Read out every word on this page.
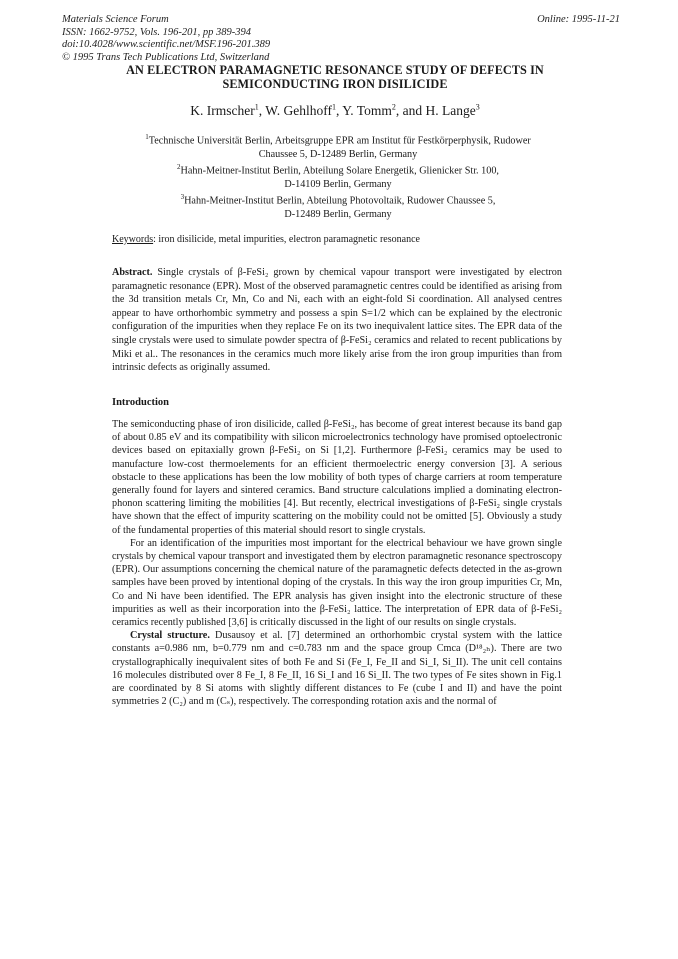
Materials Science Forum
ISSN: 1662-9752, Vols. 196-201, pp 389-394
doi:10.4028/www.scientific.net/MSF.196-201.389
© 1995 Trans Tech Publications Ltd, Switzerland
Online: 1995-11-21
AN ELECTRON PARAMAGNETIC RESONANCE STUDY OF DEFECTS IN
SEMICONDUCTING IRON DISILICIDE
K. Irmscher$^1$, W. Gehlhoff$^1$, Y. Tomm$^2$, and H. Lange$^3$
$^1$Technische Universität Berlin, Arbeitsgruppe EPR am Institut für Festkörperphysik, Rudower
Chaussee 5, D-12489 Berlin, Germany
$^2$Hahn-Meitner-Institut Berlin, Abteilung Solare Energetik, Glienicker Str. 100,
D-14109 Berlin, Germany
$^3$Hahn-Meitner-Institut Berlin, Abteilung Photovoltaik, Rudower Chaussee 5,
D-12489 Berlin, Germany
Keywords: iron disilicide, metal impurities, electron paramagnetic resonance
Abstract. Single crystals of β-FeSi₂ grown by chemical vapour transport were investigated by electron paramagnetic resonance (EPR). Most of the observed paramagnetic centres could be identified as arising from the 3d transition metals Cr, Mn, Co and Ni, each with an eight-fold Si coordination. All analysed centres appear to have orthorhombic symmetry and possess a spin S=1/2 which can be explained by the electronic configuration of the impurities when they replace Fe on its two inequivalent lattice sites. The EPR data of the single crystals were used to simulate powder spectra of β-FeSi₂ ceramics and related to recent publications by Miki et al.. The resonances in the ceramics much more likely arise from the iron group impurities than from intrinsic defects as originally assumed.
Introduction

The semiconducting phase of iron disilicide, called β-FeSi₂, has become of great interest because its band gap of about 0.85 eV and its compatibility with silicon microelectronics technology have promised optoelectronic devices based on epitaxially grown β-FeSi₂ on Si [1,2]. Furthermore β-FeSi₂ ceramics may be used to manufacture low-cost thermoelements for an efficient thermoelectric energy conversion [3]. A serious obstacle to these applications has been the low mobility of both types of charge carriers at room temperature generally found for layers and sintered ceramics. Band structure calculations implied a dominating electron-phonon scattering limiting the mobilities [4]. But recently, electrical investigations of β-FeSi₂ single crystals have shown that the effect of impurity scattering on the mobility could not be omitted [5]. Obviously a study of the fundamental properties of this material should resort to single crystals.

For an identification of the impurities most important for the electrical behaviour we have grown single crystals by chemical vapour transport and investigated them by electron paramagnetic resonance spectroscopy (EPR). Our assumptions concerning the chemical nature of the paramagnetic defects detected in the as-grown samples have been proved by intentional doping of the crystals. In this way the iron group impurities Cr, Mn, Co and Ni have been identified. The EPR analysis has given insight into the electronic structure of these impurities as well as their incorporation into the β-FeSi₂ lattice. The interpretation of EPR data of β-FeSi₂ ceramics recently published [3,6] is critically discussed in the light of our results on single crystals.

Crystal structure. Dusausoy et al. [7] determined an orthorhombic crystal system with the lattice constants a=0.986 nm, b=0.779 nm and c=0.783 nm and the space group Cmca (D¹⁸₂ₕ). There are two crystallographically inequivalent sites of both Fe and Si (Fe_I, Fe_II and Si_I, Si_II). The unit cell contains 16 molecules distributed over 8 Fe_I, 8 Fe_II, 16 Si_I and 16 Si_II. The two types of Fe sites shown in Fig.1 are coordinated by 8 Si atoms with slightly different distances to Fe (cube I and II) and have the point symmetries 2 (C₂) and m (Cₛ), respectively. The corresponding rotation axis and the normal of
